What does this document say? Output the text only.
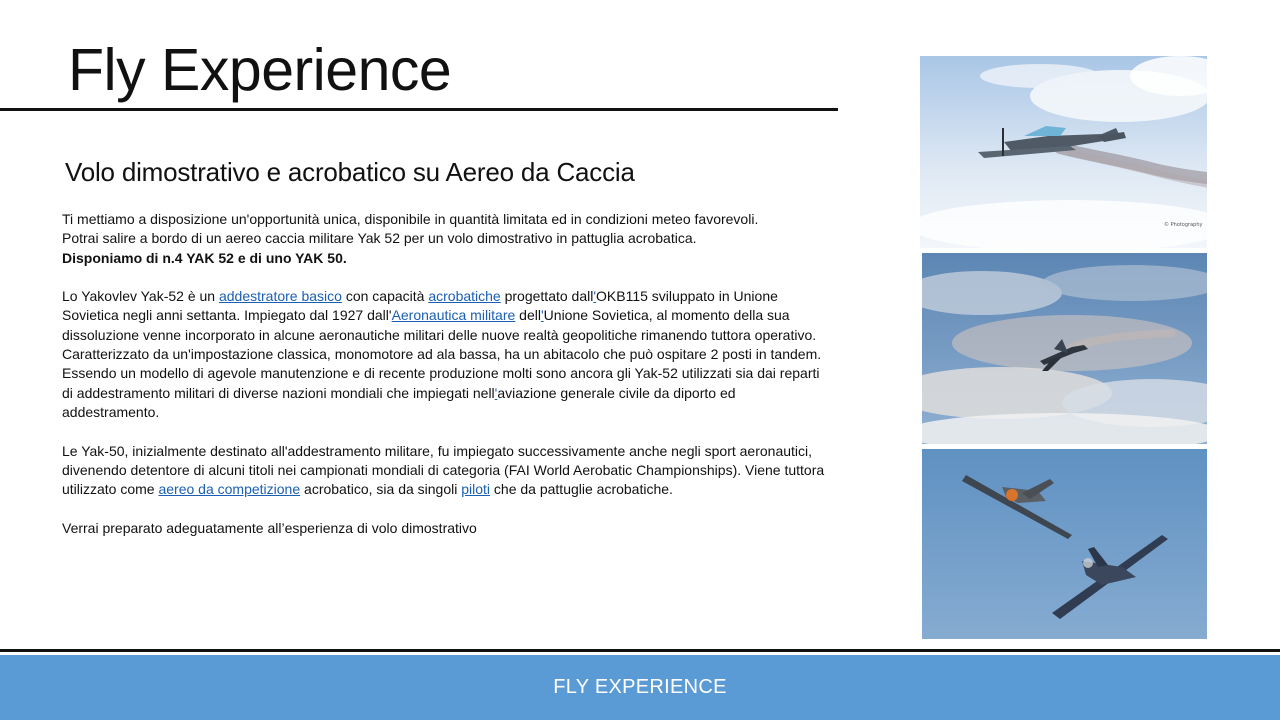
Fly Experience
Volo dimostrativo e acrobatico su Aereo da Caccia

Ti mettiamo a disposizione un'opportunità unica, disponibile in quantità limitata ed in condizioni meteo favorevoli.

Potrai salire a bordo di un aereo caccia militare Yak 52 per un volo dimostrativo in pattuglia acrobatica.

Disponiamo di n.4 YAK 52 e di uno YAK 50.

Lo Yakovlev Yak-52 è un addestratore basico con capacità acrobatiche progettato dall'OKB115 sviluppato in Unione Sovietica negli anni settanta. Impiegato dal 1927 dall'Aeronautica militare dell'Unione Sovietica, al momento della sua dissoluzione venne incorporato in alcune aeronautiche militari delle nuove realtà geopolitiche rimanendo tuttora operativo.

Caratterizzato da un'impostazione classica, monomotore ad ala bassa, ha un abitacolo che può ospitare 2 posti in tandem. Essendo un modello di agevole manutenzione e di recente produzione molti sono ancora gli Yak-52 utilizzati sia dai reparti di addestramento militari di diverse nazioni mondiali che impiegati nell'aviazione generale civile da diporto ed addestramento.

Le Yak-50, inizialmente destinato all'addestramento militare, fu impiegato successivamente anche negli sport aeronautici, divenendo detentore di alcuni titoli nei campionati mondiali di categoria (FAI World Aerobatic Championships). Viene tuttora utilizzato come aereo da competizione acrobatico, sia da singoli piloti che da pattuglie acrobatiche.

Verrai preparato adeguatamente all’esperienza di volo dimostrativo

© Photography
FLY EXPERIENCE
